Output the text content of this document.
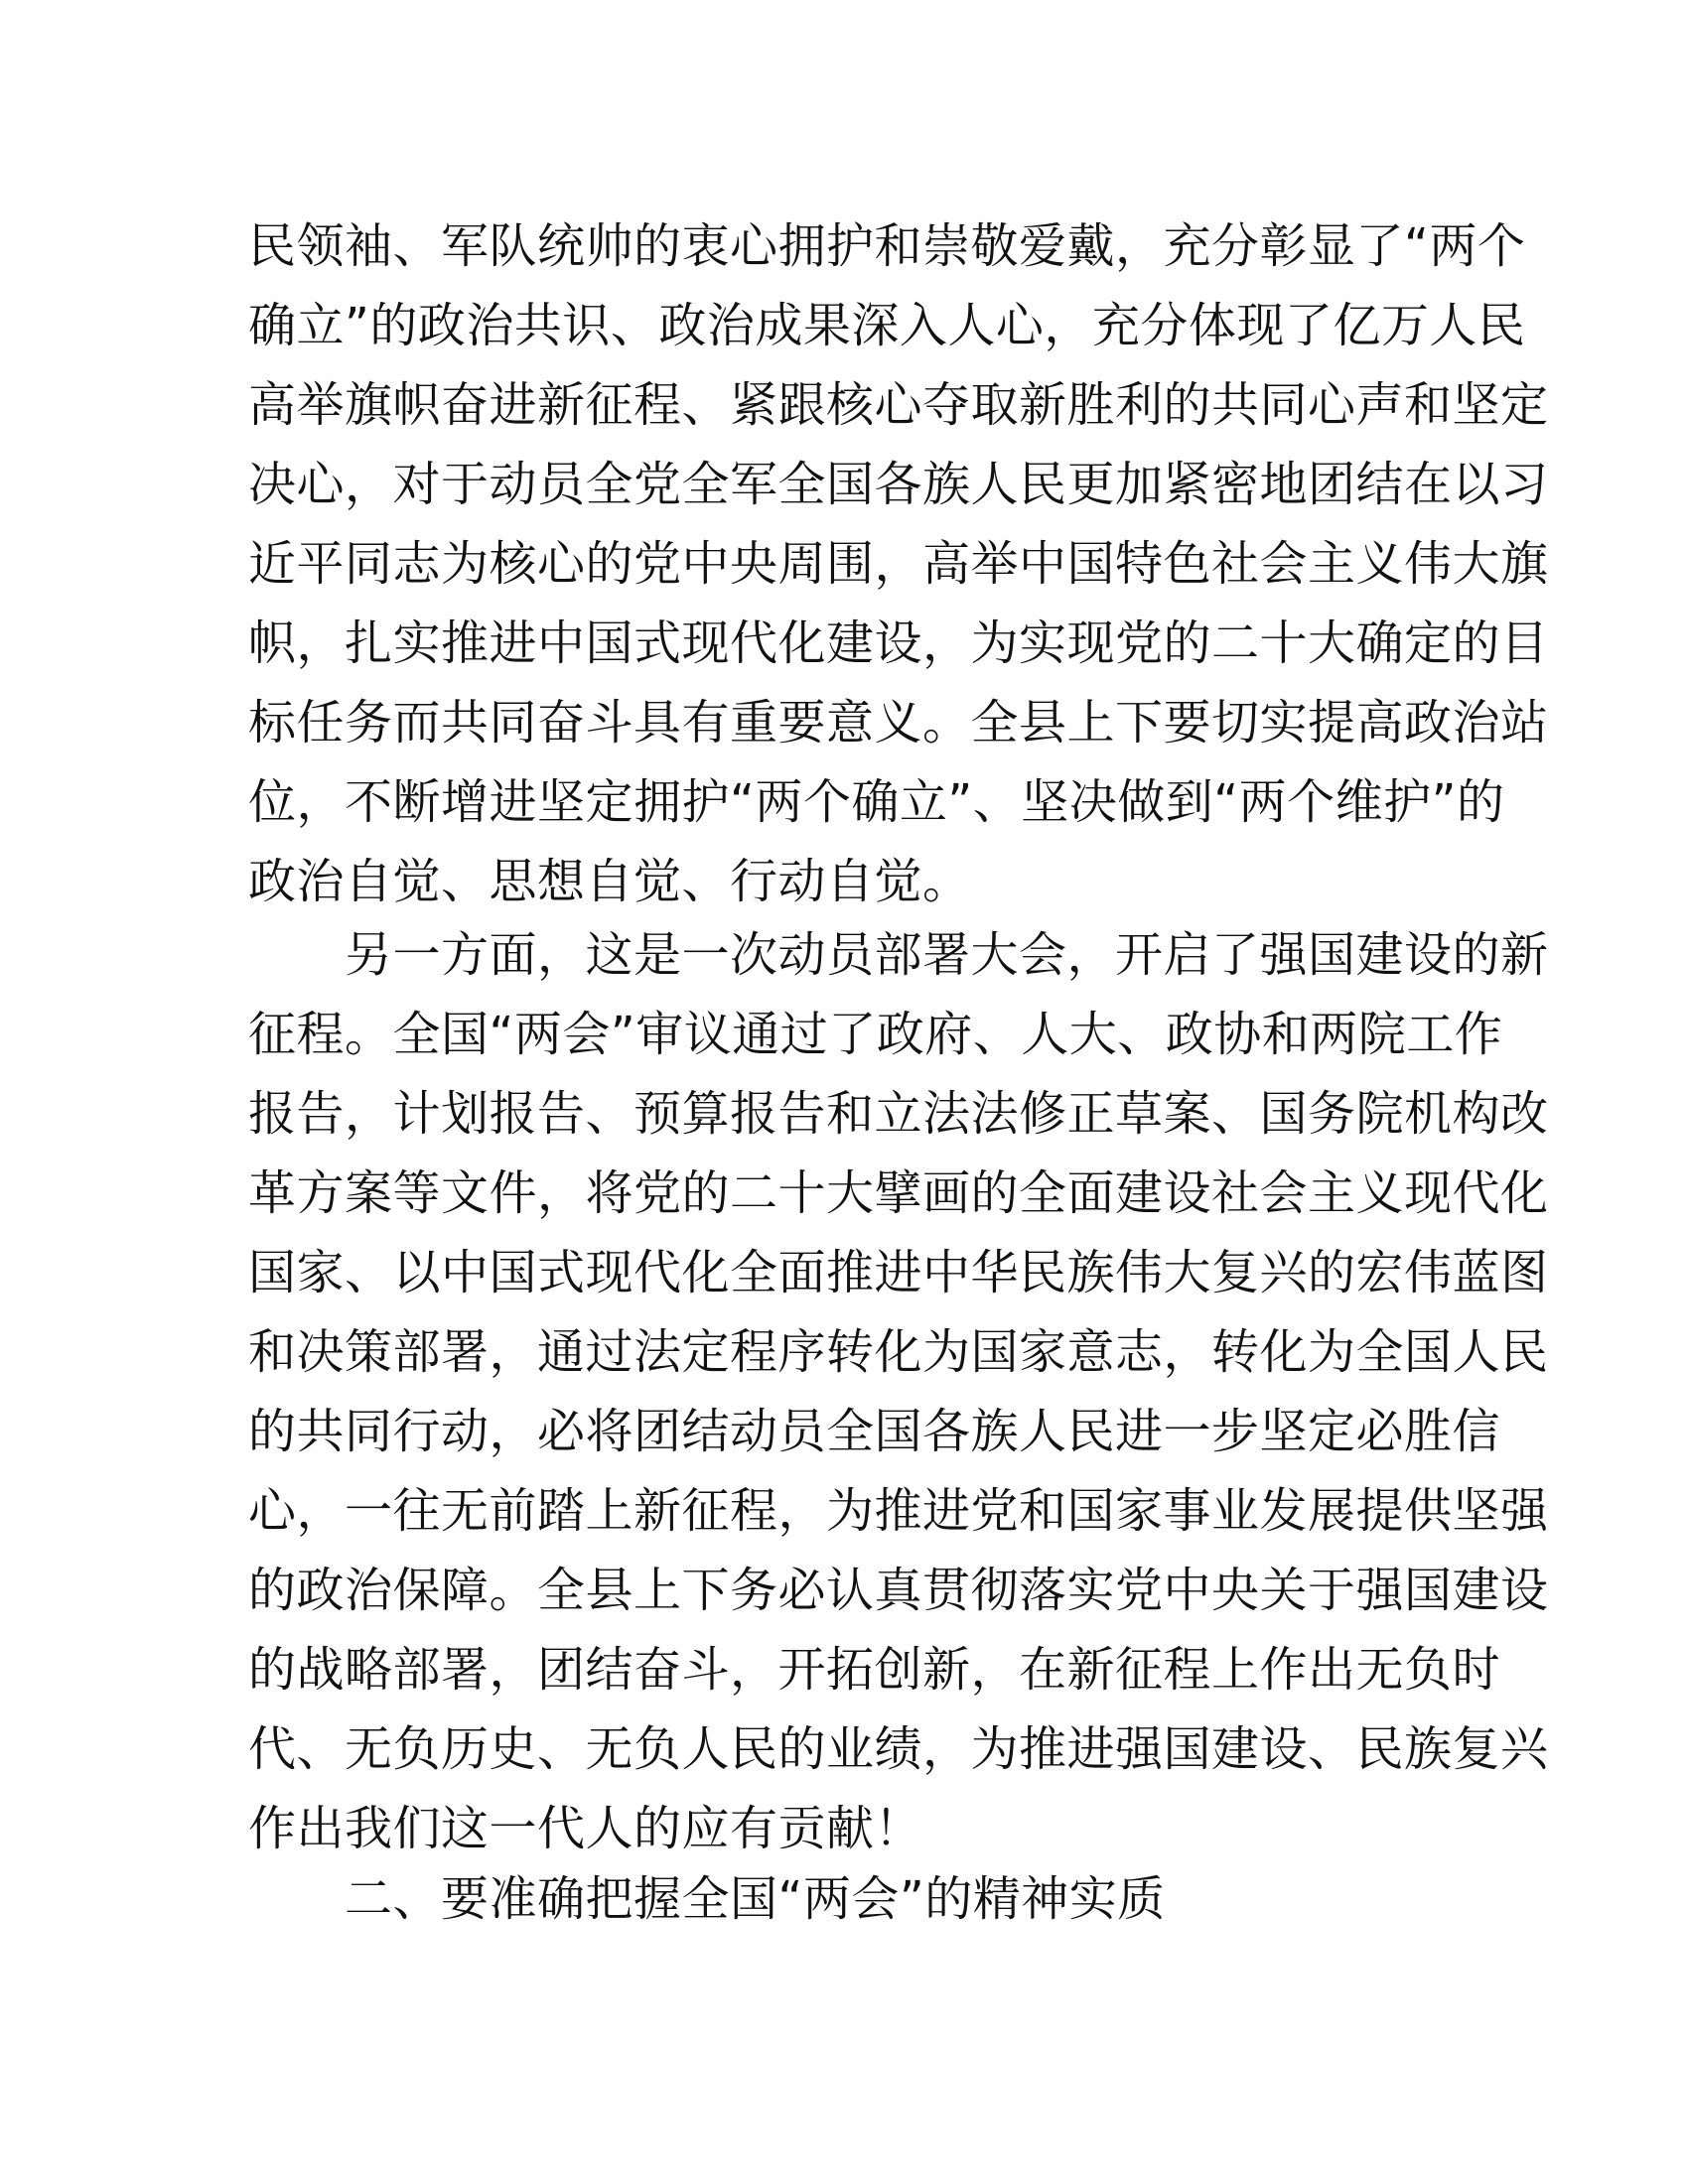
民领袖、军队统帅的衷心拥护和崇敬爱戴，充分彰显了“两个
确立”的政治共识、政治成果深入人心，充分体现了亿万人民
高举旗帜奋进新征程、紧跟核心夺取新胜利的共同心声和坚定
决心，对于动员全党全军全国各族人民更加紧密地团结在以习
近平同志为核心的党中央周围，高举中国特色社会主义伟大旗
帜，扎实推进中国式现代化建设，为实现党的二十大确定的目
标任务而共同奋斗具有重要意义。全县上下要切实提高政治站
位，不断增进坚定拥护“两个确立”、坚决做到“两个维护”的
政治自觉、思想自觉、行动自觉。
　　另一方面，这是一次动员部署大会，开启了强国建设的新
征程。全国“两会”审议通过了政府、人大、政协和两院工作
报告，计划报告、预算报告和立法法修正草案、国务院机构改
革方案等文件，将党的二十大擘画的全面建设社会主义现代化
国家、以中国式现代化全面推进中华民族伟大复兴的宏伟蓝图
和决策部署，通过法定程序转化为国家意志，转化为全国人民
的共同行动，必将团结动员全国各族人民进一步坚定必胜信
心，一往无前踏上新征程，为推进党和国家事业发展提供坚强
的政治保障。全县上下务必认真贯彻落实党中央关于强国建设
的战略部署，团结奋斗，开拓创新，在新征程上作出无负时
代、无负历史、无负人民的业绩，为推进强国建设、民族复兴
作出我们这一代人的应有贡献！
　　二、要准确把握全国“两会”的精神实质
